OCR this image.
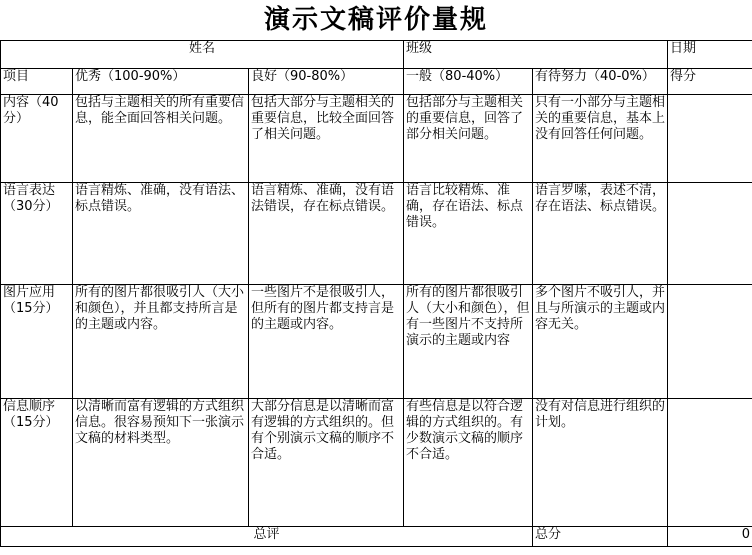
演示文稿评价量规
姓名			班级		日期
项目	优秀（100-90%）	良好（90-80%）	一般（80-40%）	有待努力（40-0%）	得分
内容（40分）	包括与主题相关的所有重要信息，能全面回答相关问题。	包括大部分与主题相关的重要信息，比较全面回答了相关问题。	包括部分与主题相关的重要信息，回答了部分相关问题。	只有一小部分与主题相关的重要信息，基本上没有回答任何问题。	
语言表达（30分）	语言精炼、准确，没有语法、标点错误。	语言精炼、准确，没有语法错误，存在标点错误。	语言比较精炼、准确，存在语法、标点错误。	语言罗嗦，表述不清，存在语法、标点错误。	
图片应用（15分）	所有的图片都很吸引人（大小和颜色），并且都支持所言是的主题或内容。	一些图片不是很吸引人，但所有的图片都支持言是的主题或内容。	所有的图片都很吸引人（大小和颜色），但有一些图片不支持所演示的主题或内容	多个图片不吸引人，并且与所演示的主题或内容无关。	
信息顺序（15分）	以清晰而富有逻辑的方式组织信息。很容易预知下一张演示文稿的材料类型。	大部分信息是以清晰而富有逻辑的方式组织的。但有个别演示文稿的顺序不合适。	有些信息是以符合逻辑的方式组织的。有少数演示文稿的顺序不合适。	没有对信息进行组织的计划。	
总评				总分	0
